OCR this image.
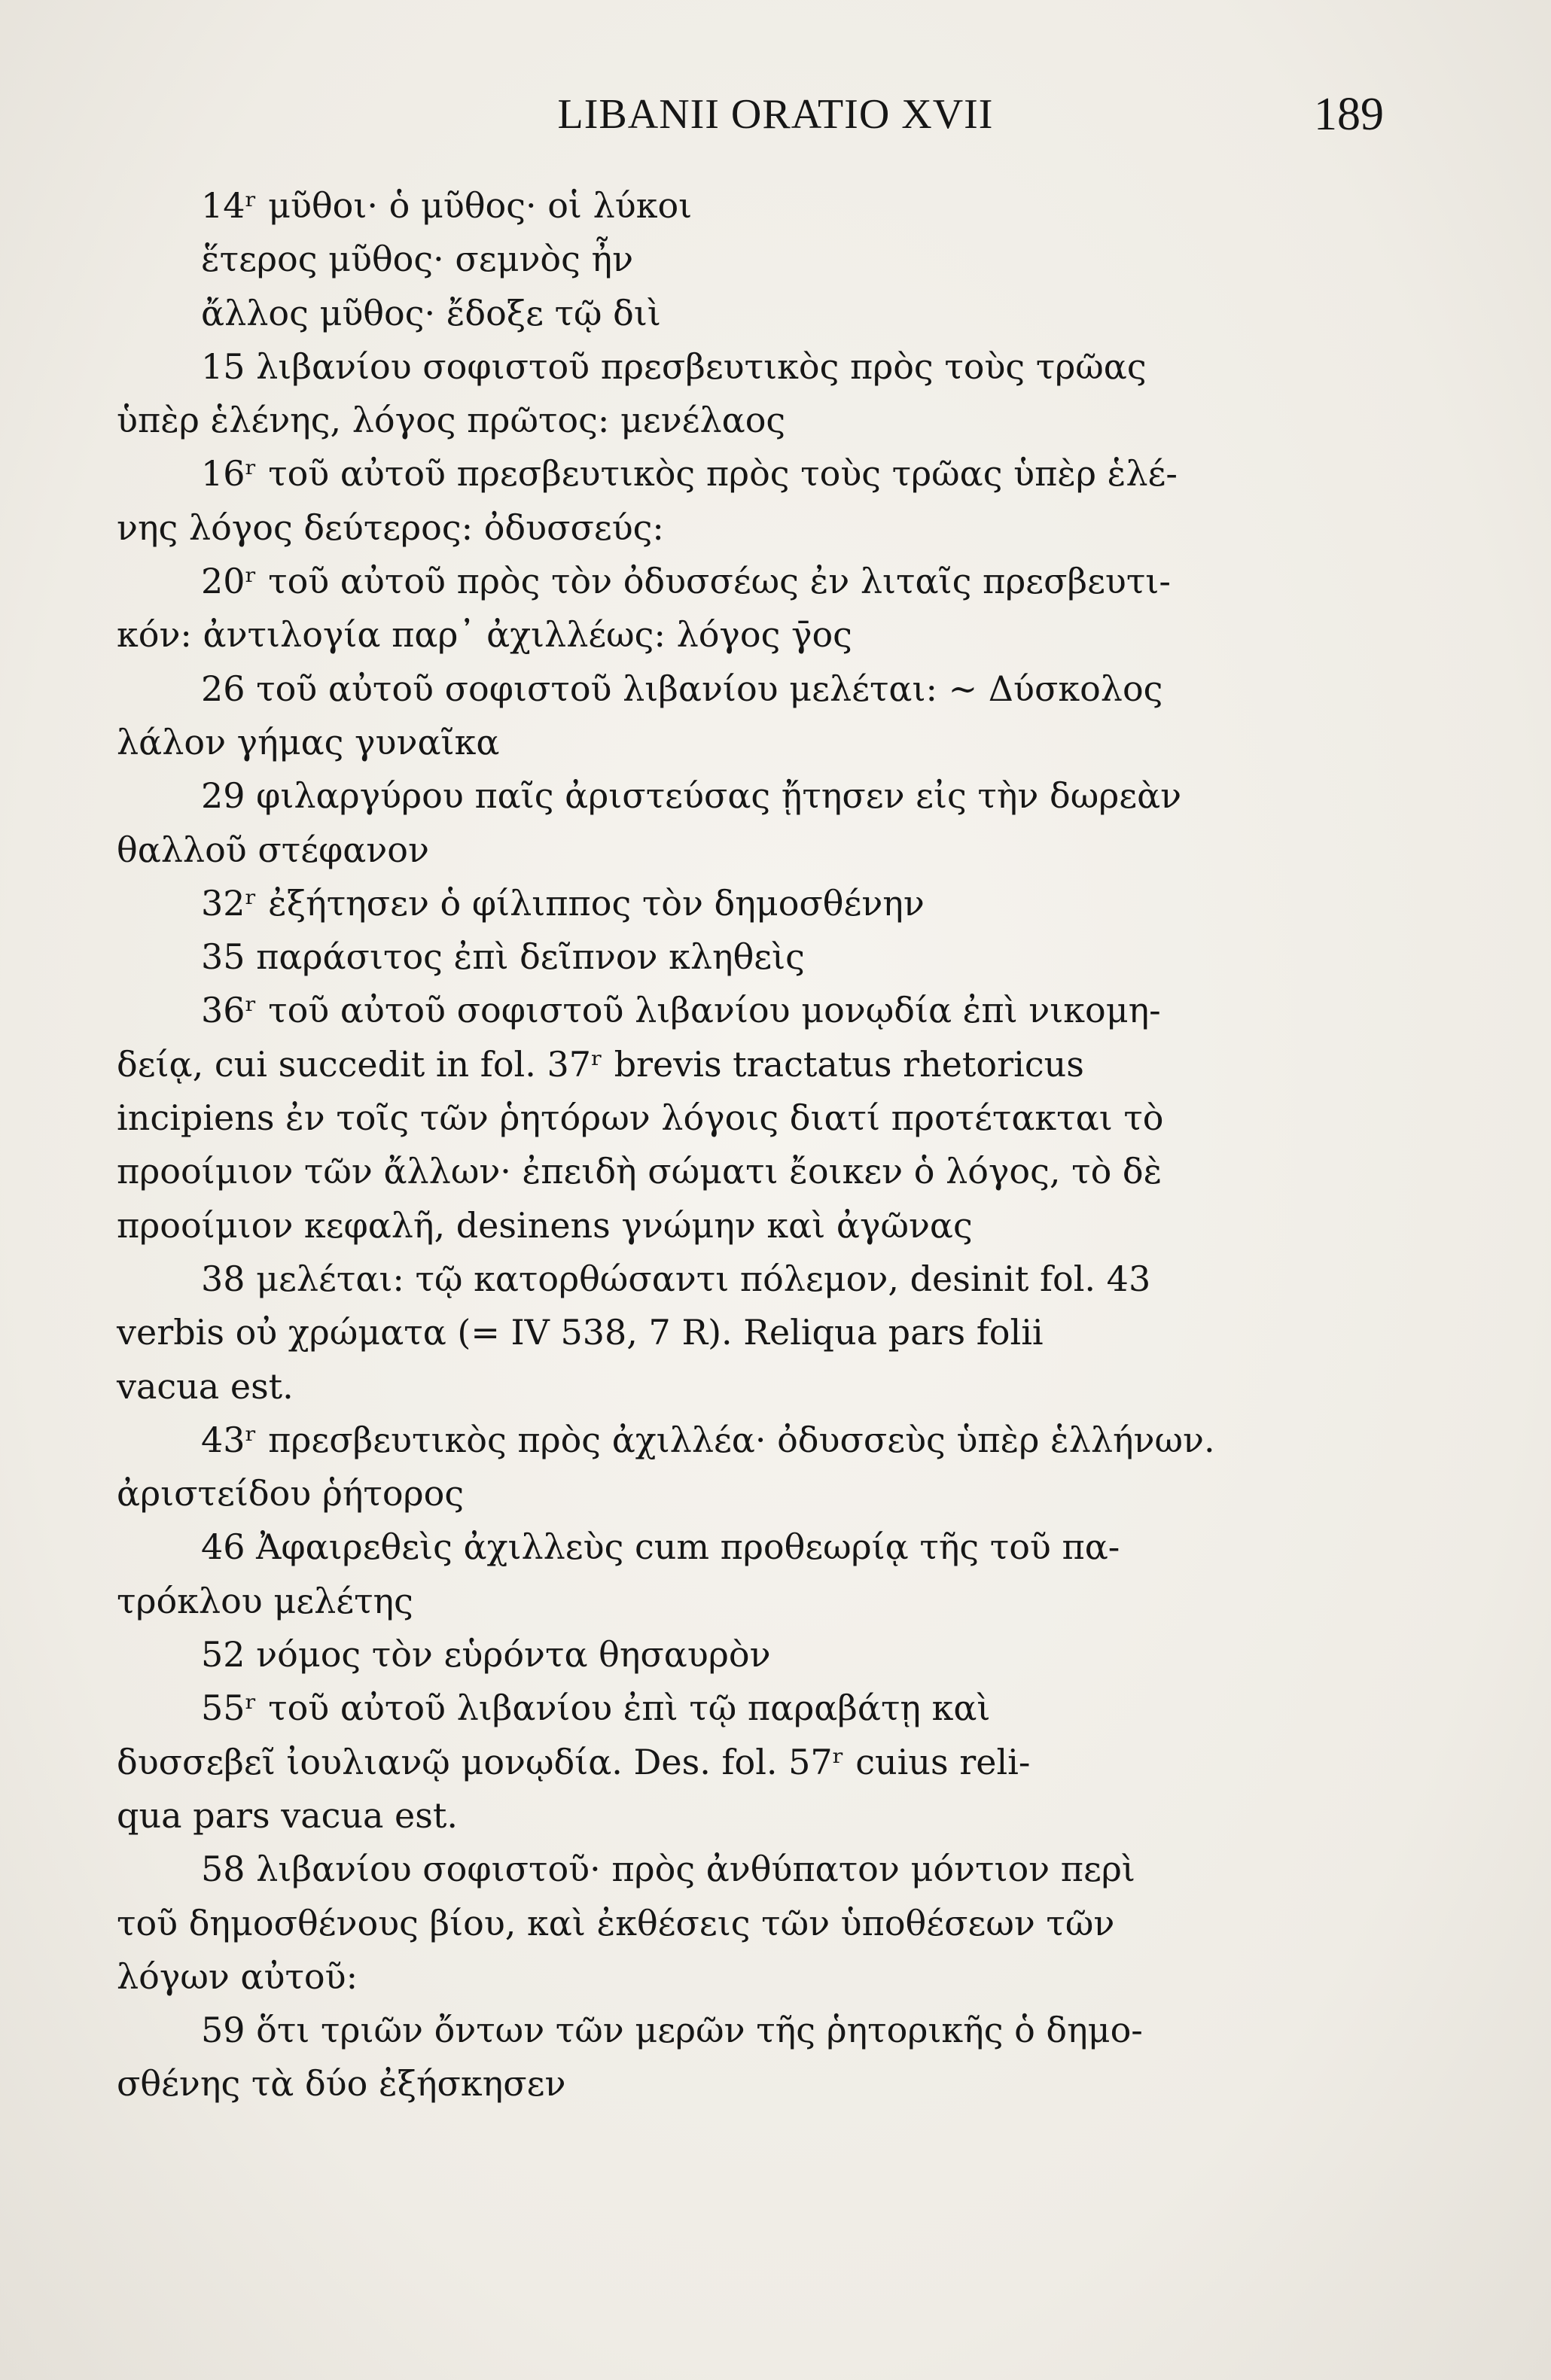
LIBANII ORATIO XVII	189
14ʳ μῦθοι· ὁ μῦθος· οἱ λύκοι
ἕτερος μῦθος· σεμνὸς ἦν
ἄλλος μῦθος· ἔδοξε τῷ διὶ
15 λιβανίου σοφιστοῦ πρεσβευτικὸς πρὸς τοὺς τρῶας
ὑπὲρ ἑλένης, λόγος πρῶτος: μενέλαος
16ʳ τοῦ αὐτοῦ πρεσβευτικὸς πρὸς τοὺς τρῶας ὑπὲρ ἑλέ-
νης λόγος δεύτερος: ὀδυσσεύς:
20ʳ τοῦ αὐτοῦ πρὸς τὸν ὀδυσσέως ἐν λιταῖς πρεσβευτι-
κόν: ἀντιλογία παρ᾽ ἀχιλλέως: λόγος γ̄ος
26 τοῦ αὐτοῦ σοφιστοῦ λιβανίου μελέται: ∼ Δύσκολος
λάλον γήμας γυναῖκα
29 φιλαργύρου παῖς ἀριστεύσας ᾔτησεν εἰς τὴν δωρεὰν
θαλλοῦ στέφανον
32ʳ ἐξήτησεν ὁ φίλιππος τὸν δημοσθένην
35 παράσιτος ἐπὶ δεῖπνον κληθεὶς
36ʳ τοῦ αὐτοῦ σοφιστοῦ λιβανίου μονῳδία ἐπὶ νικομη-
δείᾳ, cui succedit in fol. 37ʳ brevis tractatus rhetoricus
incipiens ἐν τοῖς τῶν ῥητόρων λόγοις διατί προτέτακται τὸ
προοίμιον τῶν ἄλλων· ἐπειδὴ σώματι ἔοικεν ὁ λόγος, τὸ δὲ
προοίμιον κεφαλῆ, desinens γνώμην καὶ ἀγῶνας
38 μελέται: τῷ κατορθώσαντι πόλεμον, desinit fol. 43
verbis οὐ χρώματα (= IV 538, 7 R). Reliqua pars folii
vacua est.
43ʳ πρεσβευτικὸς πρὸς ἀχιλλέα· ὀδυσσεὺς ὑπὲρ ἑλλήνων.
ἀριστείδου ῥήτορος
46 Ἀφαιρεθεὶς ἀχιλλεὺς cum προθεωρίᾳ τῆς τοῦ πα-
τρόκλου μελέτης
52 νόμος τὸν εὑρόντα θησαυρὸν
55ʳ τοῦ αὐτοῦ λιβανίου ἐπὶ τῷ παραβάτῃ καὶ
δυσσεβεῖ ἰουλιανῷ μονῳδία. Des. fol. 57ʳ cuius reli-
qua pars vacua est.
58 λιβανίου σοφιστοῦ· πρὸς ἀνθύπατον μόντιον περὶ
τοῦ δημοσθένους βίου, καὶ ἐκθέσεις τῶν ὑποθέσεων τῶν
λόγων αὐτοῦ:
59 ὅτι τριῶν ὄντων τῶν μερῶν τῆς ῥητορικῆς ὁ δημο-
σθένης τὰ δύο ἐξήσκησεν
